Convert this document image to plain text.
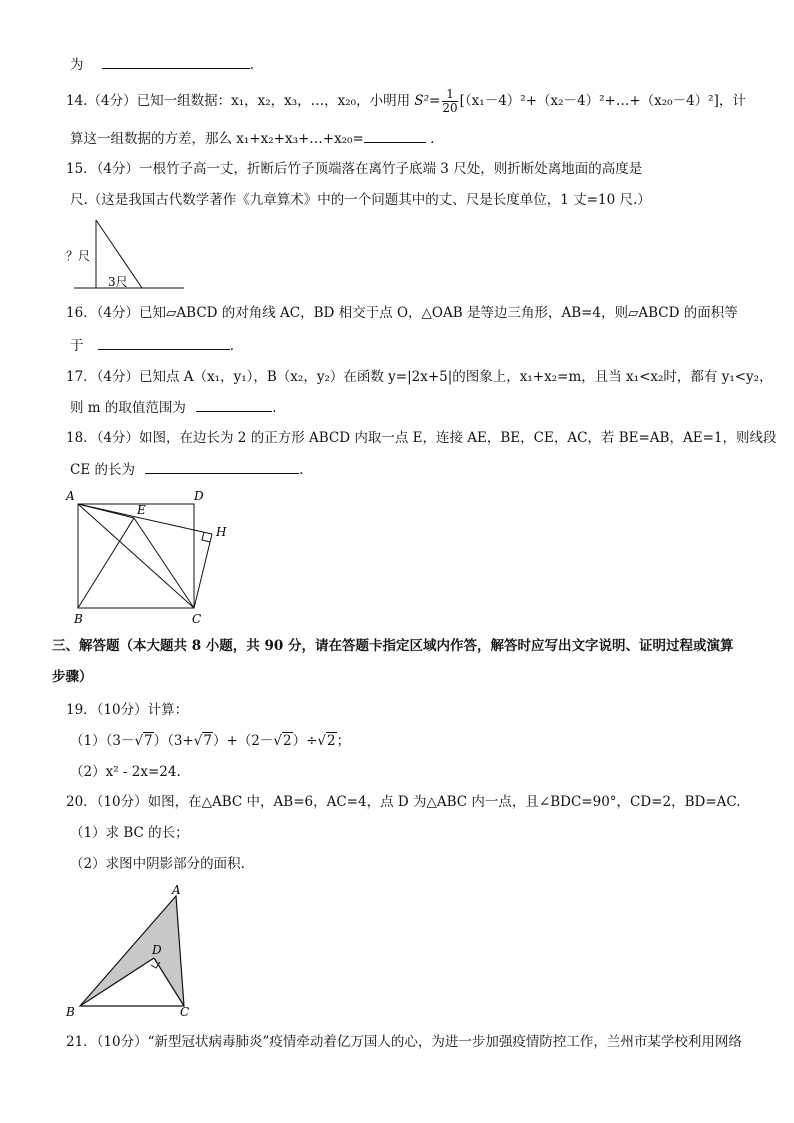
为	.
14.（4分）已知一组数据：x₁，x₂，x₃，…，x₂₀，小明用 $S^2= \frac{1}{20}$ [（x₁－4）²+（x₂－4）²+…+（x₂₀－4）²]，计
算这一组数据的方差，那么 x₁+x₂+x₃+…+x₂₀=	.
15．（4分）一根竹子高一丈，折断后竹子顶端落在离竹子底端 3 尺处，则折断处离地面的高度是
尺.（这是我国古代数学著作《九章算术》中的一个问题其中的丈、尺是长度单位，1 丈=10 尺.）
？尺
3尺
16．（4分）已知▱ABCD 的对角线 AC，BD 相交于点 O，△OAB 是等边三角形，AB=4，则▱ABCD 的面积等
于	.
17．（4分）已知点 A（x₁，y₁），B（x₂，y₂）在函数 y=|2x+5|的图象上，x₁+x₂=m，且当 x₁<x₂时，都有 y₁<y₂，
则 m 的取值范围为	.
18．（4分）如图，在边长为 2 的正方形 ABCD 内取一点 E，连接 AE，BE，CE，AC，若 BE=AB，AE=1，则线段
CE 的长为	.
A	D
E
H
B	C
三、解答题（本大题共 8 小题，共 90 分，请在答题卡指定区域内作答，解答时应写出文字说明、证明过程或演算
步骤）
19．（10分）计算：
（1）（3－√7）（3+√7）+（2－√2）÷√2；
（2）x² - 2x=24.
20．（10分）如图，在△ABC 中，AB=6，AC=4，点 D 为△ABC 内一点，且∠BDC=90°，CD=2，BD=AC.
（1）求 BC 的长；
（2）求图中阴影部分的面积.
A
D
B	C
21．（10分）“新型冠状病毒肺炎”疫情牵动着亿万国人的心，为进一步加强疫情防控工作，兰州市某学校利用网络
